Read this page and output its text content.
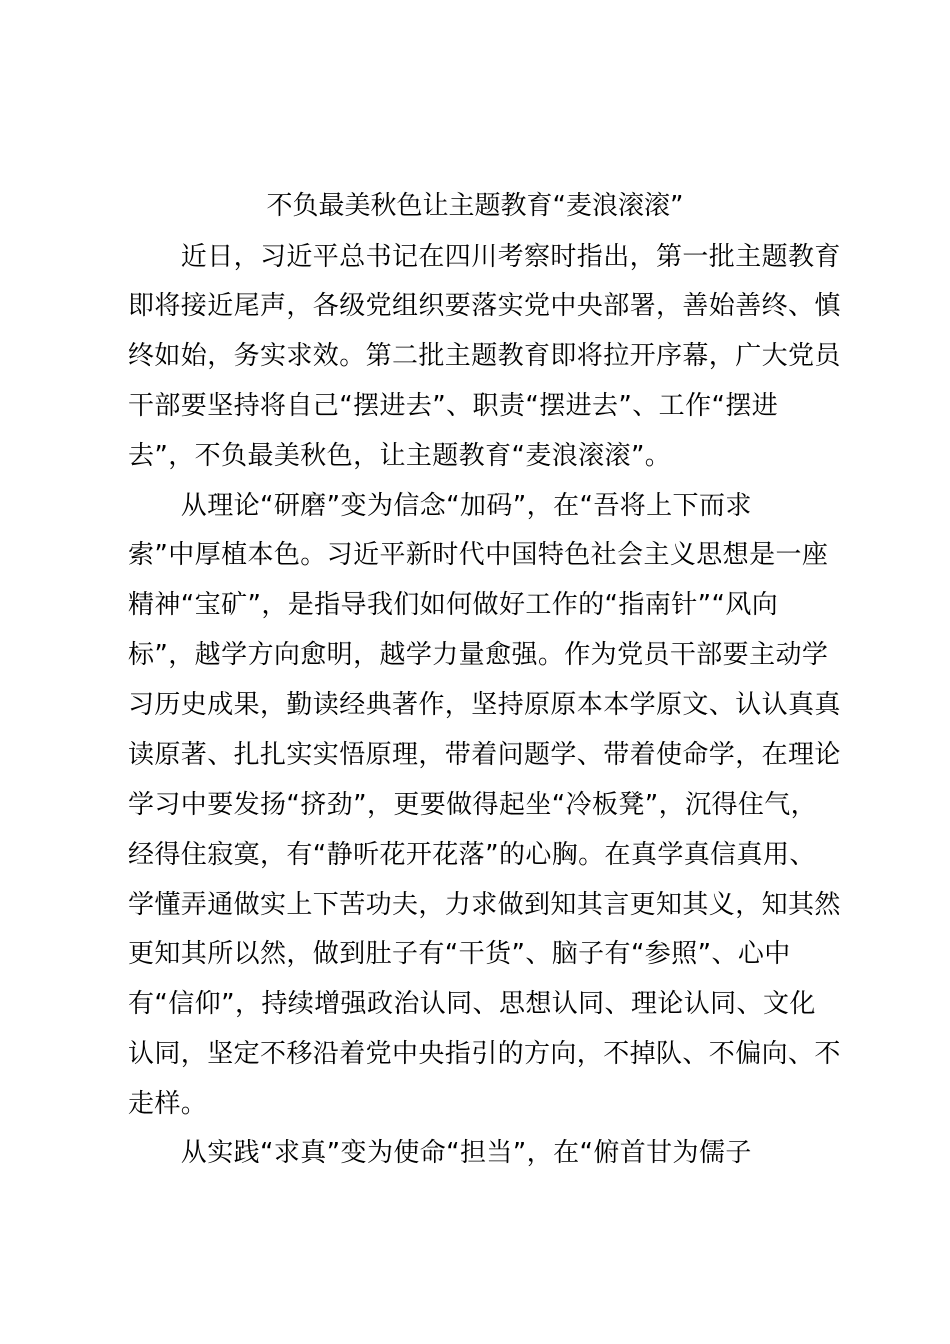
不负最美秋色让主题教育“麦浪滚滚”
　　近日，习近平总书记在四川考察时指出，第一批主题教育
即将接近尾声，各级党组织要落实党中央部署，善始善终、慎
终如始，务实求效。第二批主题教育即将拉开序幕，广大党员
干部要坚持将自己“摆进去”、职责“摆进去”、工作“摆进
去”，不负最美秋色，让主题教育“麦浪滚滚”。
　　从理论“研磨”变为信念“加码”，在“吾将上下而求
索”中厚植本色。习近平新时代中国特色社会主义思想是一座
精神“宝矿”，是指导我们如何做好工作的“指南针”“风向
标”，越学方向愈明，越学力量愈强。作为党员干部要主动学
习历史成果，勤读经典著作，坚持原原本本学原文、认认真真
读原著、扎扎实实悟原理，带着问题学、带着使命学，在理论
学习中要发扬“挤劲”，更要做得起坐“冷板凳”，沉得住气，
经得住寂寞，有“静听花开花落”的心胸。在真学真信真用、
学懂弄通做实上下苦功夫，力求做到知其言更知其义，知其然
更知其所以然，做到肚子有“干货”、脑子有“参照”、心中
有“信仰”，持续增强政治认同、思想认同、理论认同、文化
认同，坚定不移沿着党中央指引的方向，不掉队、不偏向、不
走样。
　　从实践“求真”变为使命“担当”，在“俯首甘为儒子
